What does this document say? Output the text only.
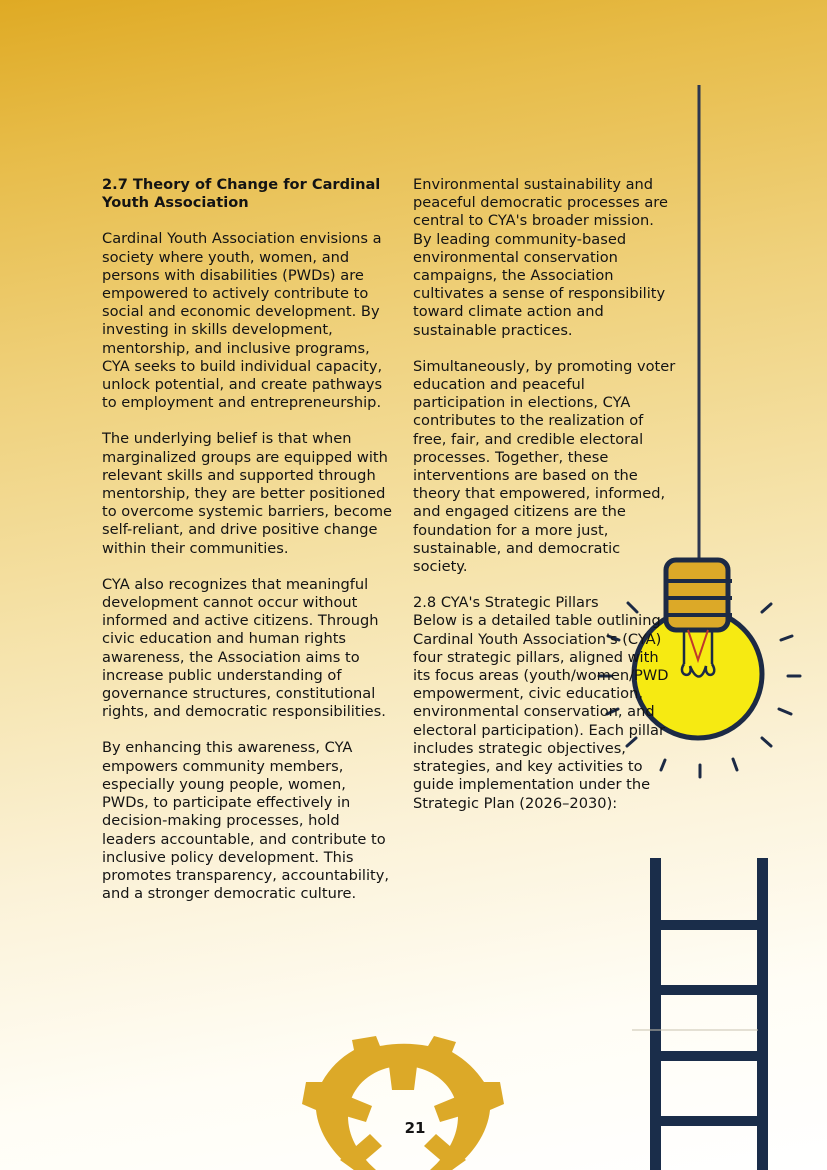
2.7 Theory of Change for Cardinal Youth Association

Cardinal Youth Association envisions a society where youth, women, and persons with disabilities (PWDs) are empowered to actively contribute to social and economic development. By investing in skills development, mentorship, and inclusive programs, CYA seeks to build individual capacity, unlock potential, and create pathways to employment and entrepreneurship.

The underlying belief is that when marginalized groups are equipped with relevant skills and supported through mentorship, they are better positioned to overcome systemic barriers, become self-reliant, and drive positive change within their communities.

CYA also recognizes that meaningful development cannot occur without informed and active citizens. Through civic education and human rights awareness, the Association aims to increase public understanding of governance structures, constitutional rights, and democratic responsibilities.

By enhancing this awareness, CYA empowers community members, especially young people, women, PWDs, to participate effectively in decision-making processes, hold leaders accountable, and contribute to inclusive policy development. This promotes transparency, accountability, and a stronger democratic culture.

Environmental sustainability and peaceful democratic processes are central to CYA's broader mission. By leading community-based environmental conservation campaigns, the Association cultivates a sense of responsibility toward climate action and sustainable practices.

Simultaneously, by promoting voter education and peaceful participation in elections, CYA contributes to the realization of free, fair, and credible electoral processes. Together, these interventions are based on the theory that empowered, informed, and engaged citizens are the foundation for a more just, sustainable, and democratic society.

2.8 CYA's Strategic Pillars

Below is a detailed table outlining Cardinal Youth Association's (CYA) four strategic pillars, aligned with its focus areas (youth/women/PWD empowerment, civic education, environmental conservation, and electoral participation). Each pillar includes strategic objectives, strategies, and key activities to guide implementation under the Strategic Plan (2026–2030):

21
